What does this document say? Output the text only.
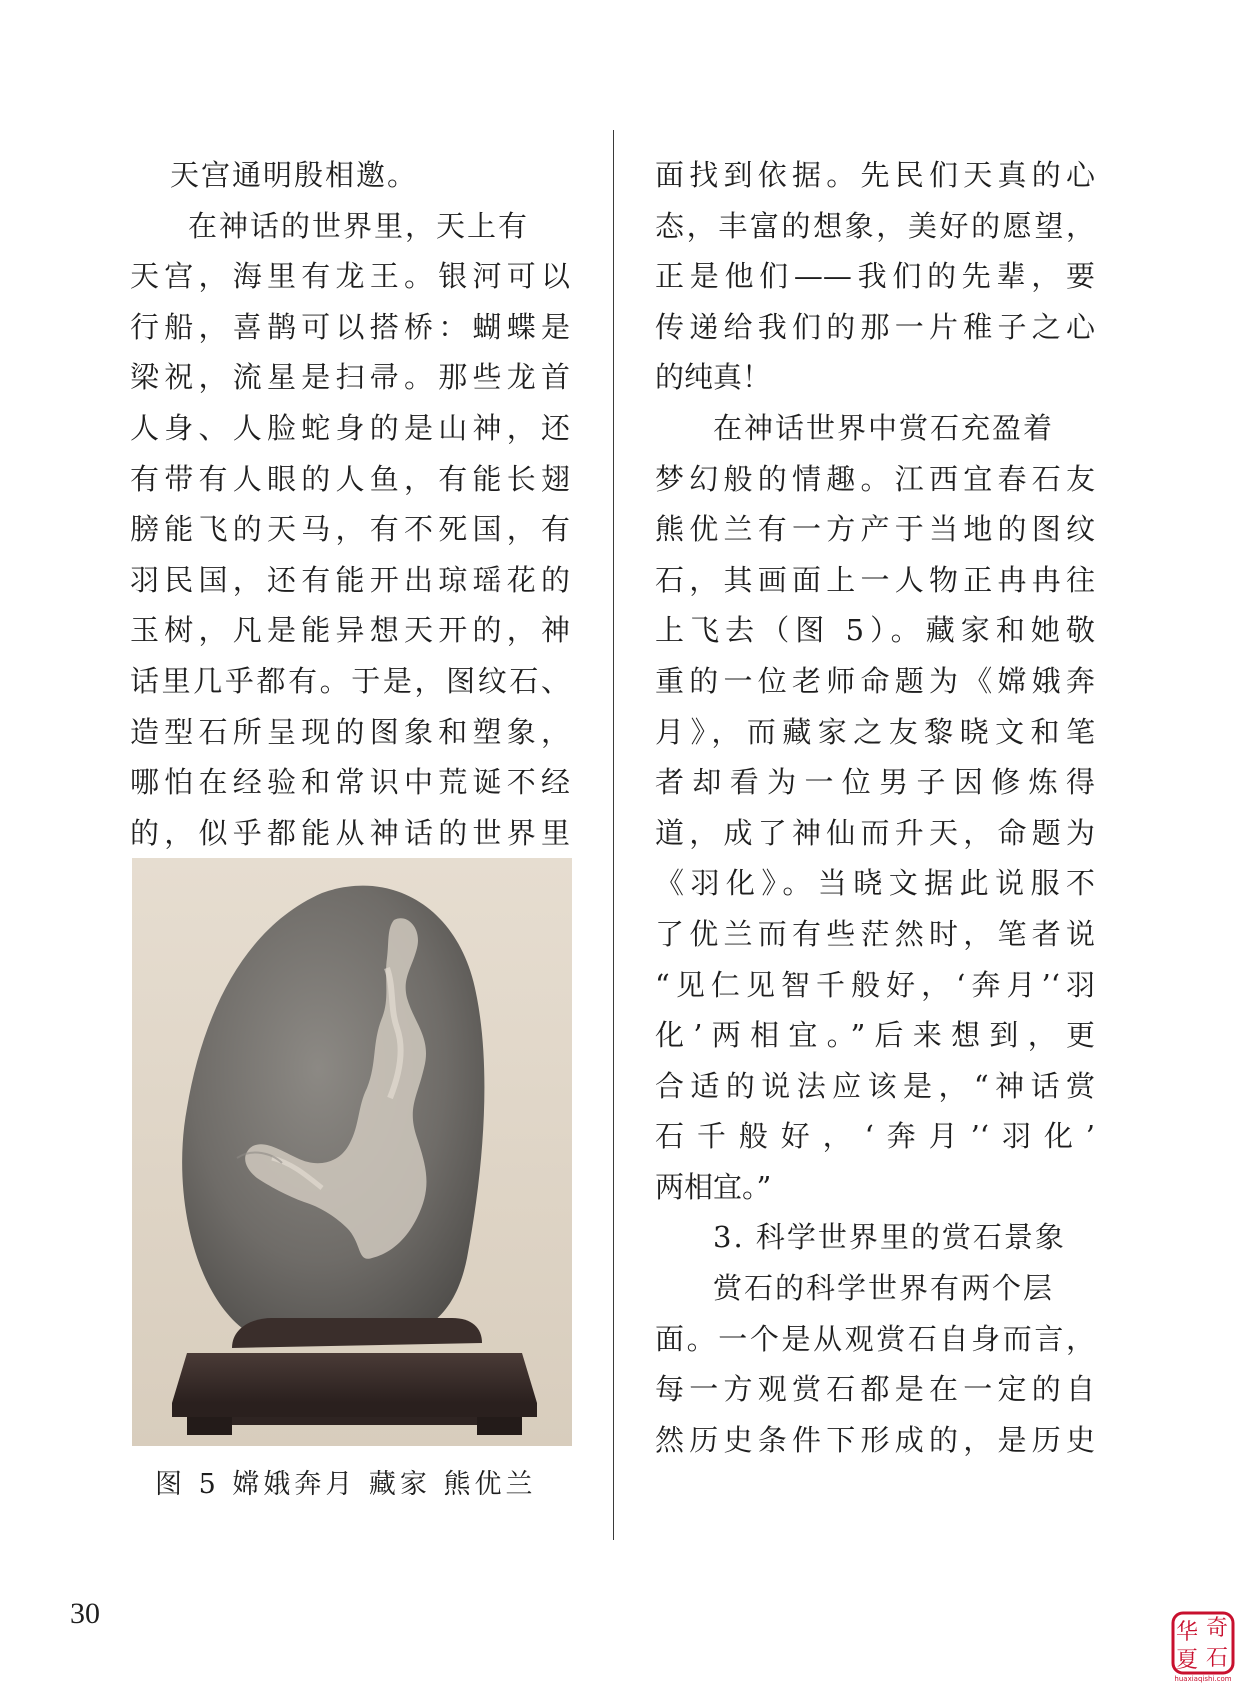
天宫通明殷相邀。
在神话的世界里，天上有
天宫，海里有龙王。银河可以
行船，喜鹊可以搭桥：蝴蝶是
梁祝，流星是扫帚。那些龙首
人身、人脸蛇身的是山神，还
有带有人眼的人鱼，有能长翅
膀能飞的天马，有不死国，有
羽民国，还有能开出琼瑶花的
玉树，凡是能异想天开的，神
话里几乎都有。于是，图纹石、
造型石所呈现的图象和塑象，
哪怕在经验和常识中荒诞不经
的，似乎都能从神话的世界里
图 5 嫦娥奔月 藏家 熊优兰
面找到依据。先民们天真的心
态，丰富的想象，美好的愿望，
正是他们——我们的先辈，要
传递给我们的那一片稚子之心
的纯真！
在神话世界中赏石充盈着
梦幻般的情趣。江西宜春石友
熊优兰有一方产于当地的图纹
石，其画面上一人物正冉冉往
上飞去（图 5）。藏家和她敬
重的一位老师命题为《嫦娥奔
月》，而藏家之友黎晓文和笔
者却看为一位男子因修炼得
道，成了神仙而升天，命题为
《羽化》。当晓文据此说服不
了优兰而有些茫然时，笔者说
“见仁见智千般好，‘奔月’‘羽
化’两相宜。”后来想到，更
合适的说法应该是，“神话赏
石千般好，‘奔月’‘羽化’
两相宜。”
3. 科学世界里的赏石景象
赏石的科学世界有两个层
面。一个是从观赏石自身而言，
每一方观赏石都是在一定的自
然历史条件下形成的，是历史
30
华 奇
夏 石
huaxiaqishi.com
